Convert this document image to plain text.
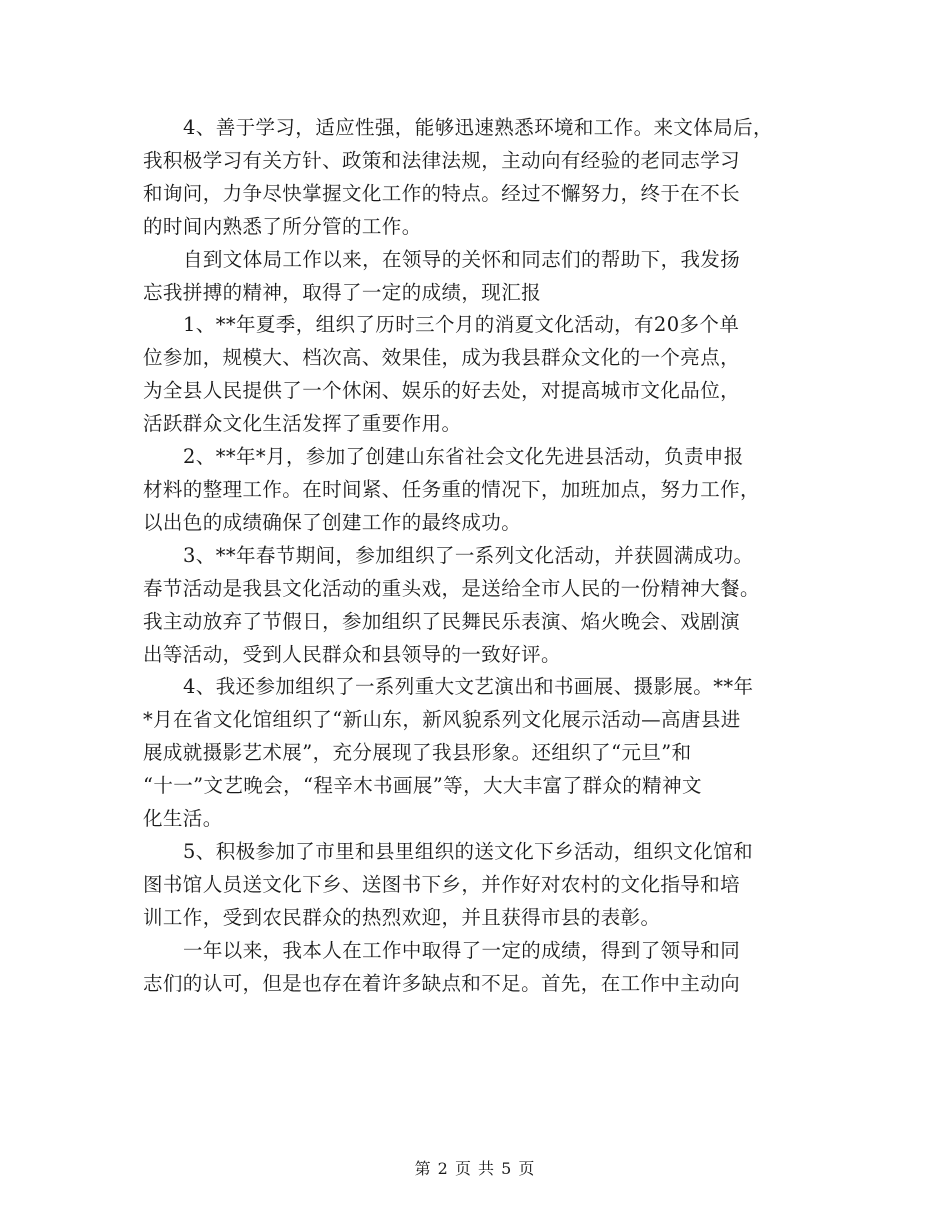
4、善于学习，适应性强，能够迅速熟悉环境和工作。来文体局后，
我积极学习有关方针、政策和法律法规，主动向有经验的老同志学习
和询问，力争尽快掌握文化工作的特点。经过不懈努力，终于在不长
的时间内熟悉了所分管的工作。

自到文体局工作以来，在领导的关怀和同志们的帮助下，我发扬
忘我拼搏的精神，取得了一定的成绩，现汇报

1、**年夏季，组织了历时三个月的消夏文化活动，有20多个单
位参加，规模大、档次高、效果佳，成为我县群众文化的一个亮点，
为全县人民提供了一个休闲、娱乐的好去处，对提高城市文化品位，
活跃群众文化生活发挥了重要作用。

2、**年*月，参加了创建山东省社会文化先进县活动，负责申报
材料的整理工作。在时间紧、任务重的情况下，加班加点，努力工作，
以出色的成绩确保了创建工作的最终成功。

3、**年春节期间，参加组织了一系列文化活动，并获圆满成功。
春节活动是我县文化活动的重头戏，是送给全市人民的一份精神大餐。
我主动放弃了节假日，参加组织了民舞民乐表演、焰火晚会、戏剧演
出等活动，受到人民群众和县领导的一致好评。

4、我还参加组织了一系列重大文艺演出和书画展、摄影展。**年
*月在省文化馆组织了“新山东，新风貌系列文化展示活动—高唐县进
展成就摄影艺术展”，充分展现了我县形象。还组织了“元旦”和
“十一”文艺晚会，“程辛木书画展”等，大大丰富了群众的精神文
化生活。

5、积极参加了市里和县里组织的送文化下乡活动，组织文化馆和
图书馆人员送文化下乡、送图书下乡，并作好对农村的文化指导和培
训工作，受到农民群众的热烈欢迎，并且获得市县的表彰。

一年以来，我本人在工作中取得了一定的成绩，得到了领导和同
志们的认可，但是也存在着许多缺点和不足。首先，在工作中主动向

第 2 页 共 5 页
